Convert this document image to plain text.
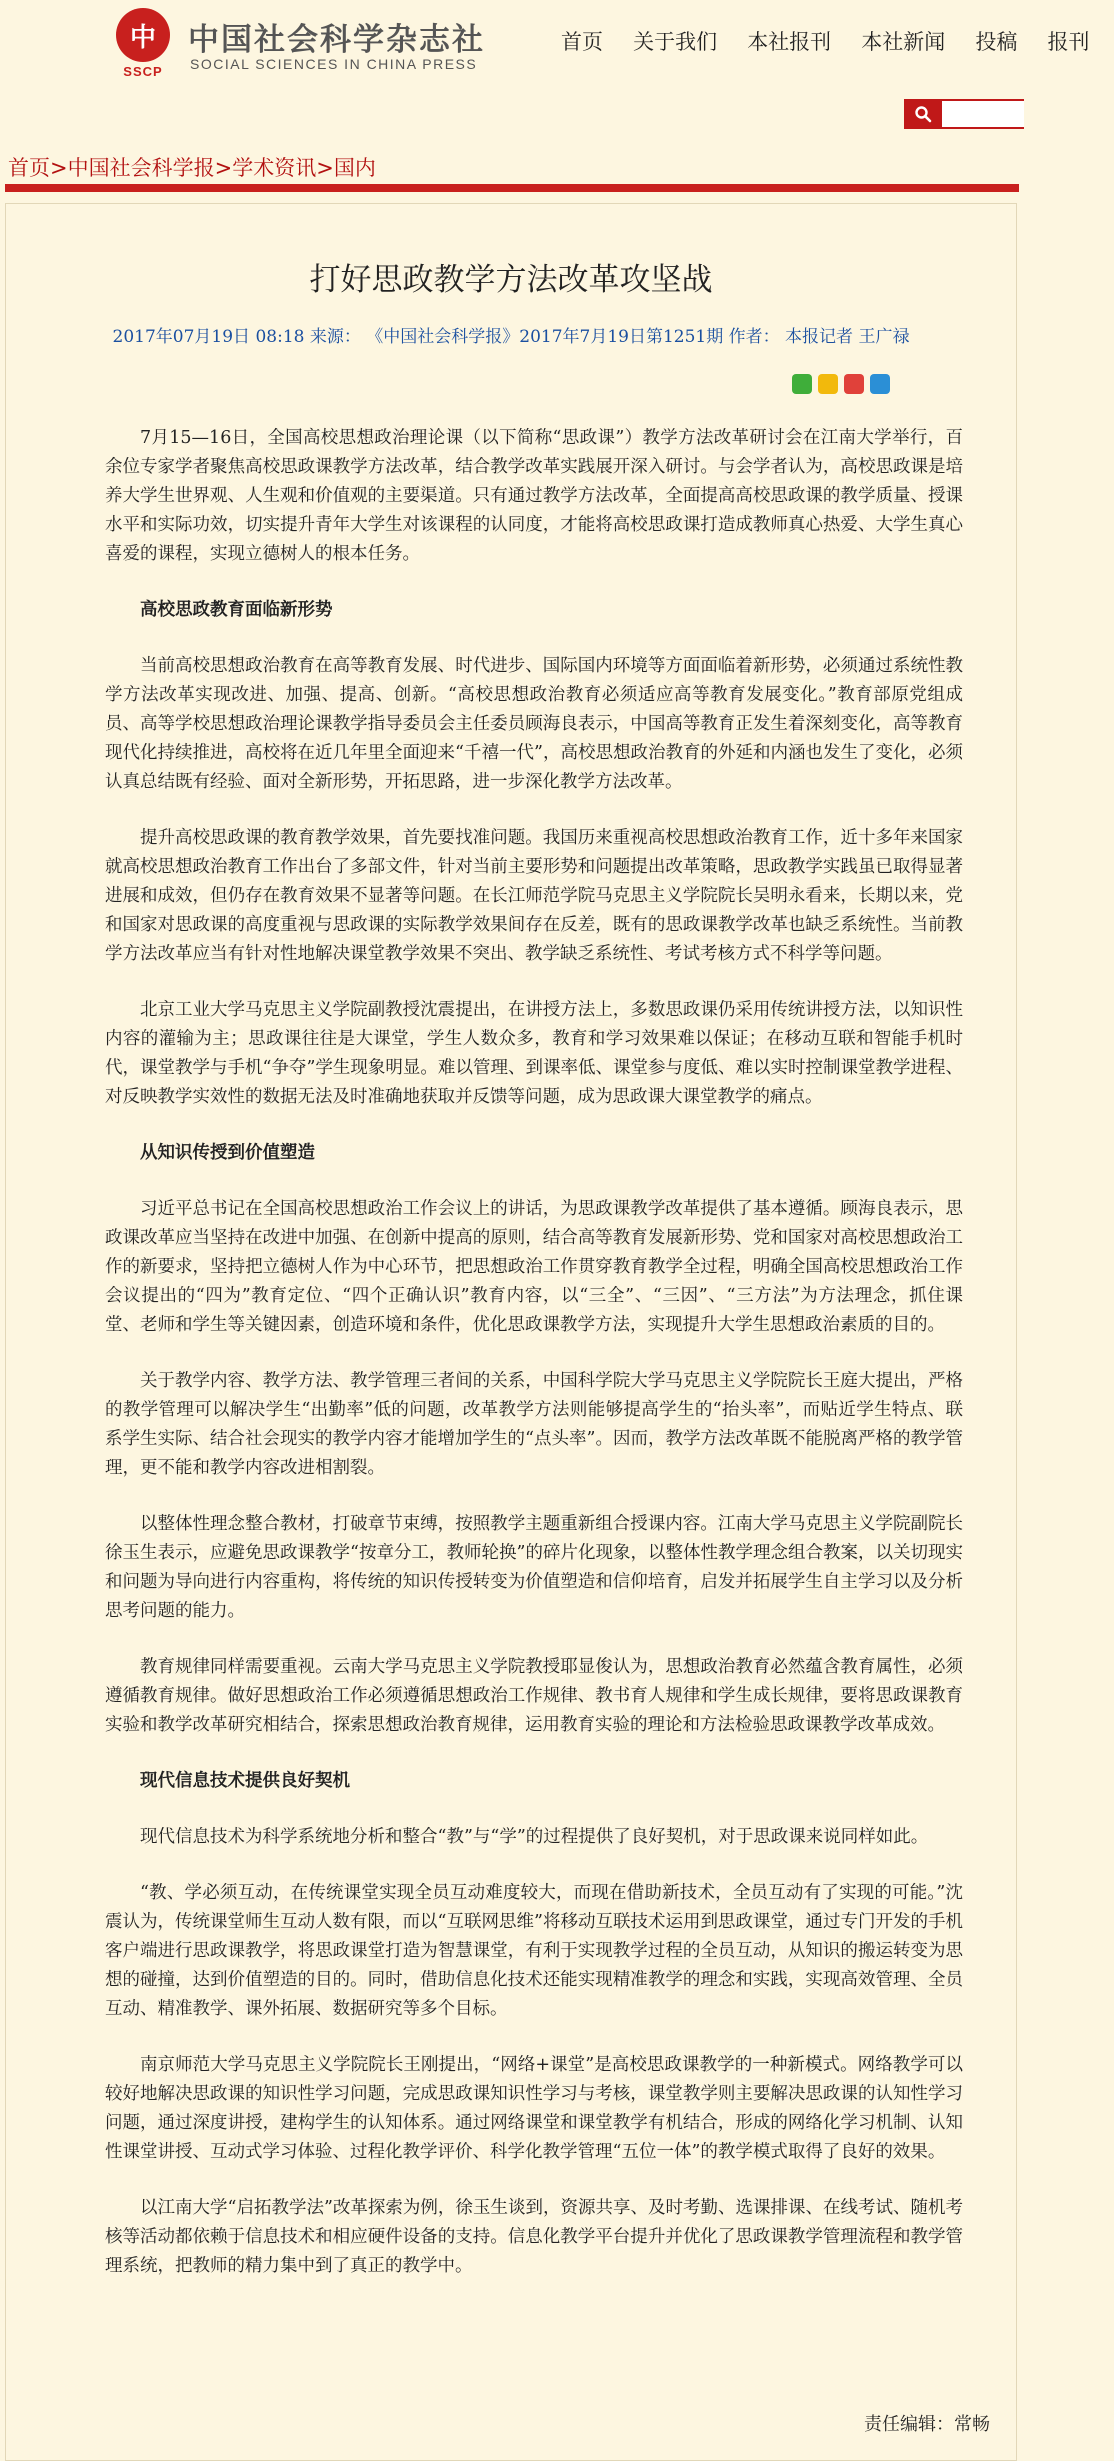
中
SSCP
中国社会科学杂志社
SOCIAL SCIENCES IN CHINA PRESS
首页 关于我们 本社报刊 本社新闻 投稿 报刊
首页>中国社会科学报>学术资讯>国内
打好思政教学方法改革攻坚战
2017年07月19日 08:18 来源： 《中国社会科学报》2017年7月19日第1251期 作者： 本报记者 王广禄

7月15—16日，全国高校思想政治理论课（以下简称“思政课”）教学方法改革研讨会在江南大学举行，百余位专家学者聚焦高校思政课教学方法改革，结合教学改革实践展开深入研讨。与会学者认为，高校思政课是培养大学生世界观、人生观和价值观的主要渠道。只有通过教学方法改革，全面提高高校思政课的教学质量、授课水平和实际功效，切实提升青年大学生对该课程的认同度，才能将高校思政课打造成教师真心热爱、大学生真心喜爱的课程，实现立德树人的根本任务。

高校思政教育面临新形势

当前高校思想政治教育在高等教育发展、时代进步、国际国内环境等方面面临着新形势，必须通过系统性教学方法改革实现改进、加强、提高、创新。“高校思想政治教育必须适应高等教育发展变化。”教育部原党组成员、高等学校思想政治理论课教学指导委员会主任委员顾海良表示，中国高等教育正发生着深刻变化，高等教育现代化持续推进，高校将在近几年里全面迎来“千禧一代”，高校思想政治教育的外延和内涵也发生了变化，必须认真总结既有经验、面对全新形势，开拓思路，进一步深化教学方法改革。

提升高校思政课的教育教学效果，首先要找准问题。我国历来重视高校思想政治教育工作，近十多年来国家就高校思想政治教育工作出台了多部文件，针对当前主要形势和问题提出改革策略，思政教学实践虽已取得显著进展和成效，但仍存在教育效果不显著等问题。在长江师范学院马克思主义学院院长吴明永看来，长期以来，党和国家对思政课的高度重视与思政课的实际教学效果间存在反差，既有的思政课教学改革也缺乏系统性。当前教学方法改革应当有针对性地解决课堂教学效果不突出、教学缺乏系统性、考试考核方式不科学等问题。

北京工业大学马克思主义学院副教授沈震提出，在讲授方法上，多数思政课仍采用传统讲授方法，以知识性内容的灌输为主；思政课往往是大课堂，学生人数众多，教育和学习效果难以保证；在移动互联和智能手机时代，课堂教学与手机“争夺”学生现象明显。难以管理、到课率低、课堂参与度低、难以实时控制课堂教学进程、对反映教学实效性的数据无法及时准确地获取并反馈等问题，成为思政课大课堂教学的痛点。

从知识传授到价值塑造

习近平总书记在全国高校思想政治工作会议上的讲话，为思政课教学改革提供了基本遵循。顾海良表示，思政课改革应当坚持在改进中加强、在创新中提高的原则，结合高等教育发展新形势、党和国家对高校思想政治工作的新要求，坚持把立德树人作为中心环节，把思想政治工作贯穿教育教学全过程，明确全国高校思想政治工作会议提出的“四为”教育定位、“四个正确认识”教育内容，以“三全”、“三因”、“三方法”为方法理念，抓住课堂、老师和学生等关键因素，创造环境和条件，优化思政课教学方法，实现提升大学生思想政治素质的目的。

关于教学内容、教学方法、教学管理三者间的关系，中国科学院大学马克思主义学院院长王庭大提出，严格的教学管理可以解决学生“出勤率”低的问题，改革教学方法则能够提高学生的“抬头率”，而贴近学生特点、联系学生实际、结合社会现实的教学内容才能增加学生的“点头率”。因而，教学方法改革既不能脱离严格的教学管理，更不能和教学内容改进相割裂。

以整体性理念整合教材，打破章节束缚，按照教学主题重新组合授课内容。江南大学马克思主义学院副院长徐玉生表示，应避免思政课教学“按章分工，教师轮换”的碎片化现象，以整体性教学理念组合教案，以关切现实和问题为导向进行内容重构，将传统的知识传授转变为价值塑造和信仰培育，启发并拓展学生自主学习以及分析思考问题的能力。

教育规律同样需要重视。云南大学马克思主义学院教授耶显俊认为，思想政治教育必然蕴含教育属性，必须遵循教育规律。做好思想政治工作必须遵循思想政治工作规律、教书育人规律和学生成长规律，要将思政课教育实验和教学改革研究相结合，探索思想政治教育规律，运用教育实验的理论和方法检验思政课教学改革成效。

现代信息技术提供良好契机

现代信息技术为科学系统地分析和整合“教”与“学”的过程提供了良好契机，对于思政课来说同样如此。

“教、学必须互动，在传统课堂实现全员互动难度较大，而现在借助新技术，全员互动有了实现的可能。”沈震认为，传统课堂师生互动人数有限，而以“互联网思维”将移动互联技术运用到思政课堂，通过专门开发的手机客户端进行思政课教学，将思政课堂打造为智慧课堂，有利于实现教学过程的全员互动，从知识的搬运转变为思想的碰撞，达到价值塑造的目的。同时，借助信息化技术还能实现精准教学的理念和实践，实现高效管理、全员互动、精准教学、课外拓展、数据研究等多个目标。

南京师范大学马克思主义学院院长王刚提出，“网络+课堂”是高校思政课教学的一种新模式。网络教学可以较好地解决思政课的知识性学习问题，完成思政课知识性学习与考核，课堂教学则主要解决思政课的认知性学习问题，通过深度讲授，建构学生的认知体系。通过网络课堂和课堂教学有机结合，形成的网络化学习机制、认知性课堂讲授、互动式学习体验、过程化教学评价、科学化教学管理“五位一体”的教学模式取得了良好的效果。

以江南大学“启拓教学法”改革探索为例，徐玉生谈到，资源共享、及时考勤、选课排课、在线考试、随机考核等活动都依赖于信息技术和相应硬件设备的支持。信息化教学平台提升并优化了思政课教学管理流程和教学管理系统，把教师的精力集中到了真正的教学中。

责任编辑：常畅
